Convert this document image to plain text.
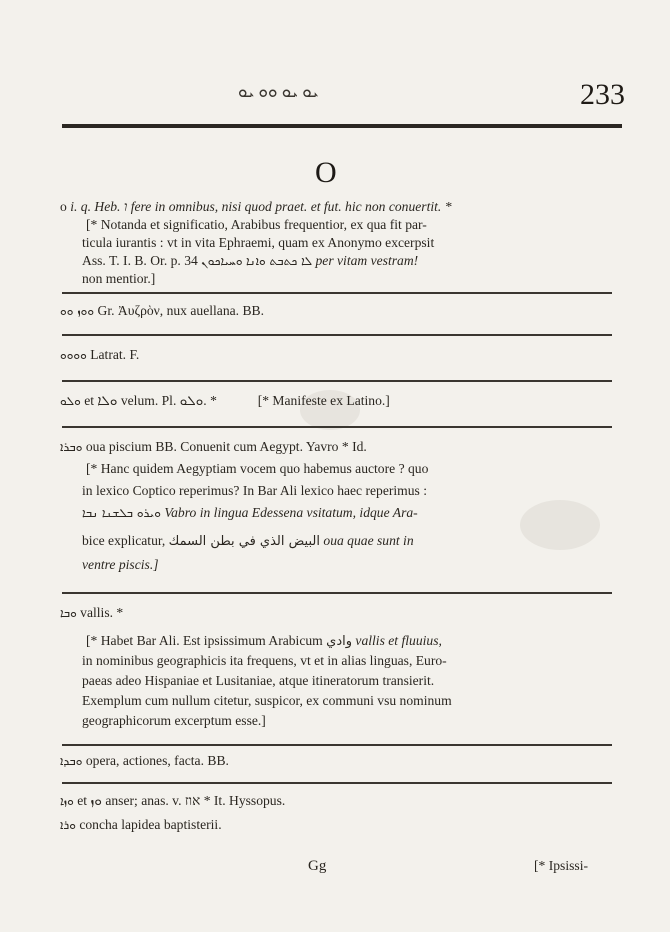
ܝܘ ܝܘ ܘܘ ܝܘ	233
O
o i. q. Heb. ו fere in omnibus, nisi quod praet. et fut. hic non conuertit. *
[* Notanda et significatio, Arabibus frequentior, ex qua fit par-
ticula iurantis : vt in vita Ephraemi, quam ex Anonymo excerpsit
Ass. T. I. B. Or. p. 34	ܠܐ ܟܬܒܬ ܘܐܢܐ ܘܚܝܐܟܘܢ	per vitam vestram!
non mentior.]
ܘܘܙ ܘܘ Gr. Ἀυζρὸν, nux auellana. BB.
ܘܘܘܘ Latrat. F.
ܘܠܘ et ܘܠܐ velum. Pl. ܘܠܘ. *	[* Manifeste ex Latino.]
ܘܒܪܐ oua piscium BB. Conuenit cum Aegypt. Yavro * Id.
[* Hanc quidem Aegyptiam vocem quo habemus auctore ? quo
in lexico Coptico reperimus? In Bar Ali lexico haec reperimus :
ܘܝܪܘ ܒܠܫܢܐ ܢܒܐ Vabro in lingua Edessena vsitatum, idque Ara-
bice explicatur, البيض الذي في بطن السمك oua quae sunt in
ventre piscis.]
ܘܒܐ vallis. *
[* Habet Bar Ali. Est ipsissimum Arabicum وادي vallis et fluuius,
in nominibus geographicis ita frequens, vt et in alias linguas, Euro-
paeas adeo Hispaniae et Lusitaniae, atque itineratorum transierit.
Exemplum cum nullum citetur, suspicor, ex communi vsu nominum
geographicorum excerptum esse.]
ܘܒܕܐ opera, actiones, facta. BB.
ܘܙܐ et ܘܙ anser; anas. v. אוז * It. Hyssopus.
ܘܪܐ concha lapidea baptisterii.
Gg	[* Ipsissi-
